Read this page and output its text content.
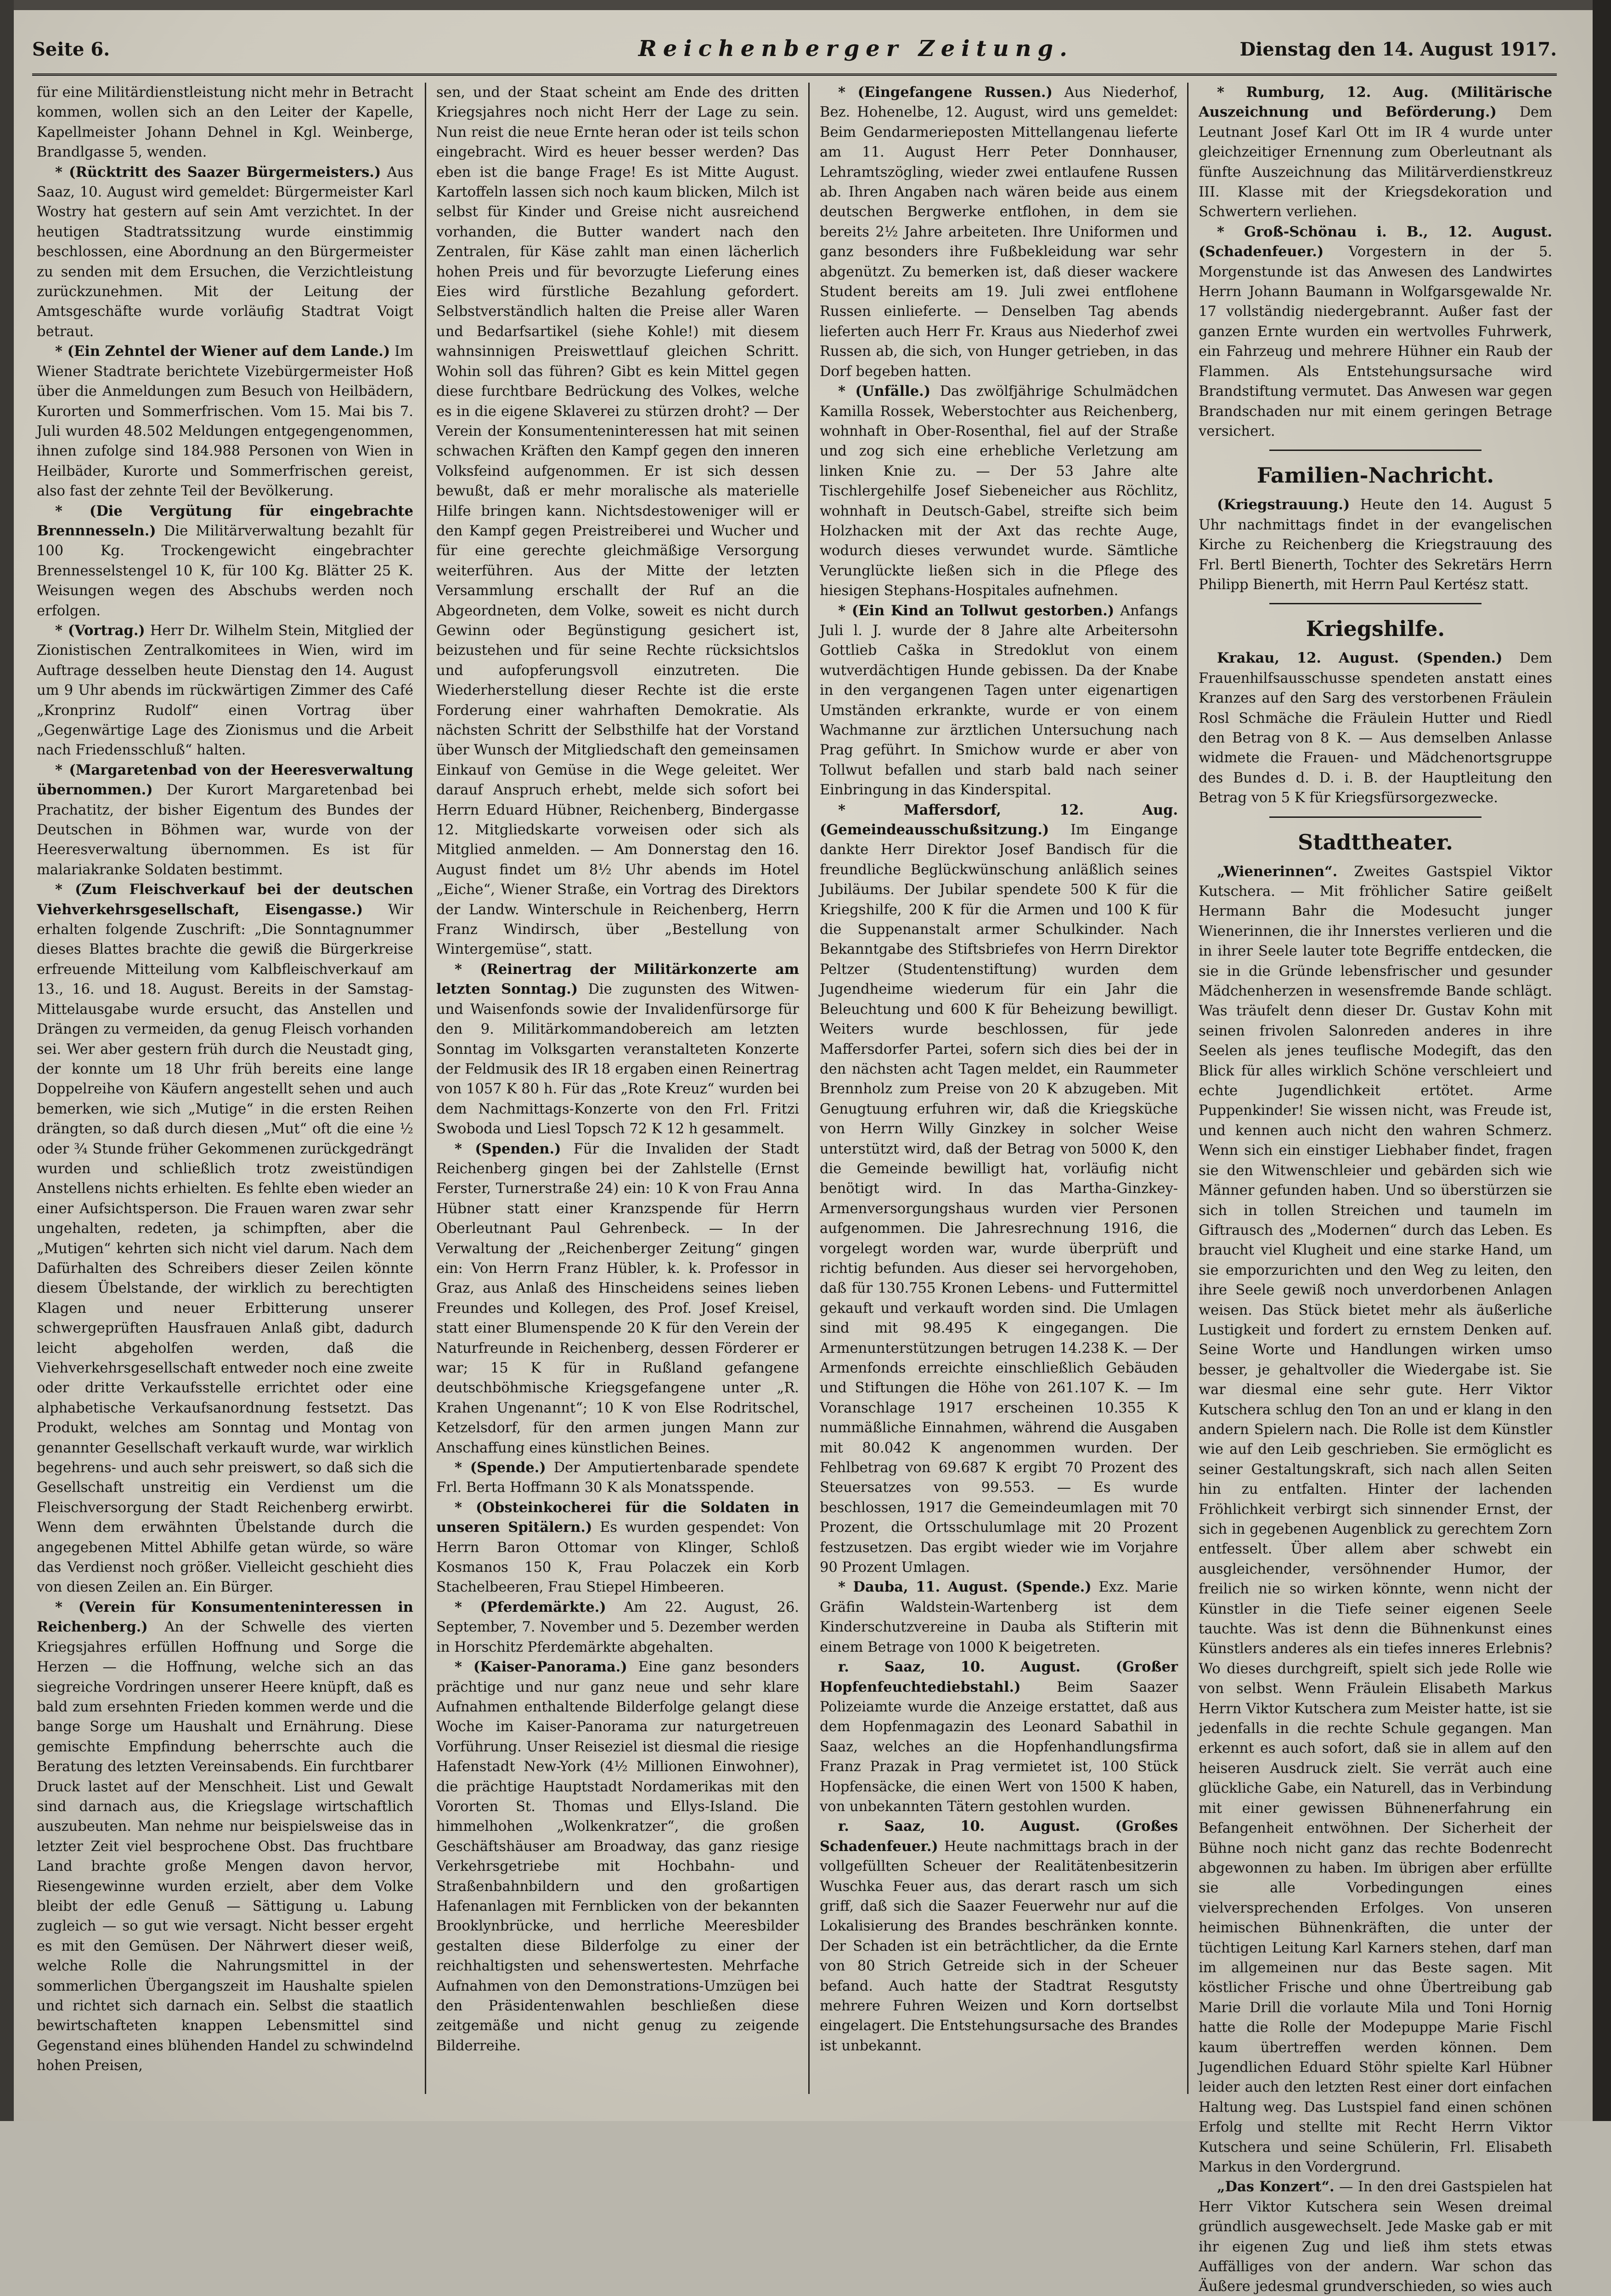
Seite 6.	Reichenberger Zeitung.	Dienstag den 14. August 1917.

für eine Militärdienstleistung nicht mehr in Betracht kommen, wollen sich an den Leiter der Kapelle, Kapellmeister Johann Dehnel in Kgl. Weinberge, Brandlgasse 5, wenden.

* (Rücktritt des Saazer Bürgermeisters.) Aus Saaz, 10. August wird gemeldet: Bürgermeister Karl Wostry hat gestern auf sein Amt verzichtet. In der heutigen Stadtratssitzung wurde einstimmig beschlossen, eine Abordnung an den Bürgermeister zu senden mit dem Ersuchen, die Verzichtleistung zurückzunehmen. Mit der Leitung der Amtsgeschäfte wurde vorläufig Stadtrat Voigt betraut.

* (Ein Zehntel der Wiener auf dem Lande.) Im Wiener Stadtrate berichtete Vizebürgermeister Hoß über die Anmeldungen zum Besuch von Heilbädern, Kurorten und Sommerfrischen. Vom 15. Mai bis 7. Juli wurden 48.502 Meldungen entgegengenommen, ihnen zufolge sind 184.988 Personen von Wien in Heilbäder, Kurorte und Sommerfrischen gereist, also fast der zehnte Teil der Bevölkerung.

* (Die Vergütung für eingebrachte Brennnesseln.) Die Militärverwaltung bezahlt für 100 Kg. Trockengewicht eingebrachter Brennesselstengel 10 K, für 100 Kg. Blätter 25 K. Weisungen wegen des Abschubs werden noch erfolgen.

* (Vortrag.) Herr Dr. Wilhelm Stein, Mitglied der Zionistischen Zentralkomitees in Wien, wird im Auftrage desselben heute Dienstag den 14. August um 9 Uhr abends im rückwärtigen Zimmer des Café „Kronprinz Rudolf“ einen Vortrag über „Gegenwärtige Lage des Zionismus und die Arbeit nach Friedensschluß“ halten.

* (Margaretenbad von der Heeresverwaltung übernommen.) Der Kurort Margaretenbad bei Prachatitz, der bisher Eigentum des Bundes der Deutschen in Böhmen war, wurde von der Heeresverwaltung übernommen. Es ist für malariakranke Soldaten bestimmt.

* (Zum Fleischverkauf bei der deutschen Viehverkehrsgesellschaft, Eisengasse.) Wir erhalten folgende Zuschrift: „Die Sonntagnummer dieses Blattes brachte die gewiß die Bürgerkreise erfreuende Mitteilung vom Kalbfleischverkauf am 13., 16. und 18. August. Bereits in der Samstag-Mittelausgabe wurde ersucht, das Anstellen und Drängen zu vermeiden, da genug Fleisch vorhanden sei. Wer aber gestern früh durch die Neustadt ging, der konnte um 18 Uhr früh bereits eine lange Doppelreihe von Käufern angestellt sehen und auch bemerken, wie sich „Mutige“ in die ersten Reihen drängten, so daß durch diesen „Mut“ oft die eine ½ oder ¾ Stunde früher Gekommenen zurückgedrängt wurden und schließlich trotz zweistündigen Anstellens nichts erhielten. Es fehlte eben wieder an einer Aufsichtsperson. Die Frauen waren zwar sehr ungehalten, redeten, ja schimpften, aber die „Mutigen“ kehrten sich nicht viel darum. Nach dem Dafürhalten des Schreibers dieser Zeilen könnte diesem Übelstande, der wirklich zu berechtigten Klagen und neuer Erbitterung unserer schwergeprüften Hausfrauen Anlaß gibt, dadurch leicht abgeholfen werden, daß die Viehverkehrsgesellschaft entweder noch eine zweite oder dritte Verkaufsstelle errichtet oder eine alphabetische Verkaufsanordnung festsetzt. Das Produkt, welches am Sonntag und Montag von genannter Gesellschaft verkauft wurde, war wirklich begehrens- und auch sehr preiswert, so daß sich die Gesellschaft unstreitig ein Verdienst um die Fleischversorgung der Stadt Reichenberg erwirbt. Wenn dem erwähnten Übelstande durch die angegebenen Mittel Abhilfe getan würde, so wäre das Verdienst noch größer. Vielleicht geschieht dies von diesen Zeilen an. Ein Bürger.

* (Verein für Konsumenteninteressen in Reichenberg.) An der Schwelle des vierten Kriegsjahres erfüllen Hoffnung und Sorge die Herzen — die Hoffnung, welche sich an das siegreiche Vordringen unserer Heere knüpft, daß es bald zum ersehnten Frieden kommen werde und die bange Sorge um Haushalt und Ernährung. Diese gemischte Empfindung beherrschte auch die Beratung des letzten Vereinsabends. Ein furchtbarer Druck lastet auf der Menschheit. List und Gewalt sind darnach aus, die Kriegslage wirtschaftlich auszubeuten. Man nehme nur beispielsweise das in letzter Zeit viel besprochene Obst. Das fruchtbare Land brachte große Mengen davon hervor, Riesengewinne wurden erzielt, aber dem Volke bleibt der edle Genuß — Sättigung u. Labung zugleich — so gut wie versagt. Nicht besser ergeht es mit den Gemüsen. Der Nährwert dieser weiß, welche Rolle die Nahrungsmittel in der sommerlichen Übergangszeit im Haushalte spielen und richtet sich darnach ein. Selbst die staatlich bewirtschafteten knappen Lebensmittel sind Gegenstand eines blühenden Handel zu schwindelnd hohen Preisen,

sen, und der Staat scheint am Ende des dritten Kriegsjahres noch nicht Herr der Lage zu sein. Nun reist die neue Ernte heran oder ist teils schon eingebracht. Wird es heuer besser werden? Das eben ist die bange Frage! Es ist Mitte August. Kartoffeln lassen sich noch kaum blicken, Milch ist selbst für Kinder und Greise nicht ausreichend vorhanden, die Butter wandert nach den Zentralen, für Käse zahlt man einen lächerlich hohen Preis und für bevorzugte Lieferung eines Eies wird fürstliche Bezahlung gefordert. Selbstverständlich halten die Preise aller Waren und Bedarfsartikel (siehe Kohle!) mit diesem wahnsinnigen Preiswettlauf gleichen Schritt. Wohin soll das führen? Gibt es kein Mittel gegen diese furchtbare Bedrückung des Volkes, welche es in die eigene Sklaverei zu stürzen droht? — Der Verein der Konsumenteninteressen hat mit seinen schwachen Kräften den Kampf gegen den inneren Volksfeind aufgenommen. Er ist sich dessen bewußt, daß er mehr moralische als materielle Hilfe bringen kann. Nichtsdestoweniger will er den Kampf gegen Preistreiberei und Wucher und für eine gerechte gleichmäßige Versorgung weiterführen. Aus der Mitte der letzten Versammlung erschallt der Ruf an die Abgeordneten, dem Volke, soweit es nicht durch Gewinn oder Begünstigung gesichert ist, beizustehen und für seine Rechte rücksichtslos und aufopferungsvoll einzutreten. Die Wiederherstellung dieser Rechte ist die erste Forderung einer wahrhaften Demokratie. Als nächsten Schritt der Selbsthilfe hat der Vorstand über Wunsch der Mitgliedschaft den gemeinsamen Einkauf von Gemüse in die Wege geleitet. Wer darauf Anspruch erhebt, melde sich sofort bei Herrn Eduard Hübner, Reichenberg, Bindergasse 12. Mitgliedskarte vorweisen oder sich als Mitglied anmelden. — Am Donnerstag den 16. August findet um 8½ Uhr abends im Hotel „Eiche“, Wiener Straße, ein Vortrag des Direktors der Landw. Winterschule in Reichenberg, Herrn Franz Windirsch, über „Bestellung von Wintergemüse“, statt.

* (Reinertrag der Militärkonzerte am letzten Sonntag.) Die zugunsten des Witwen- und Waisenfonds sowie der Invalidenfürsorge für den 9. Militärkommandobereich am letzten Sonntag im Volksgarten veranstalteten Konzerte der Feldmusik des IR 18 ergaben einen Reinertrag von 1057 K 80 h. Für das „Rote Kreuz“ wurden bei dem Nachmittags-Konzerte von den Frl. Fritzi Swoboda und Liesl Topsch 72 K 12 h gesammelt.

* (Spenden.) Für die Invaliden der Stadt Reichenberg gingen bei der Zahlstelle (Ernst Ferster, Turnerstraße 24) ein: 10 K von Frau Anna Hübner statt einer Kranzspende für Herrn Oberleutnant Paul Gehrenbeck. — In der Verwaltung der „Reichenberger Zeitung“ gingen ein: Von Herrn Franz Hübler, k. k. Professor in Graz, aus Anlaß des Hinscheidens seines lieben Freundes und Kollegen, des Prof. Josef Kreisel, statt einer Blumenspende 20 K für den Verein der Naturfreunde in Reichenberg, dessen Förderer er war; 15 K für in Rußland gefangene deutschböhmische Kriegsgefangene unter „R. Krahen Ungenannt“; 10 K von Else Rodritschel, Ketzelsdorf, für den armen jungen Mann zur Anschaffung eines künstlichen Beines.

* (Spende.) Der Amputiertenbarade spendete Frl. Berta Hoffmann 30 K als Monatsspende.

* (Obsteinkocherei für die Soldaten in unseren Spitälern.) Es wurden gespendet: Von Herrn Baron Ottomar von Klinger, Schloß Kosmanos 150 K, Frau Polaczek ein Korb Stachelbeeren, Frau Stiepel Himbeeren.

* (Pferdemärkte.) Am 22. August, 26. September, 7. November und 5. Dezember werden in Horschitz Pferdemärkte abgehalten.

* (Kaiser-Panorama.) Eine ganz besonders prächtige und nur ganz neue und sehr klare Aufnahmen enthaltende Bilderfolge gelangt diese Woche im Kaiser-Panorama zur naturgetreuen Vorführung. Unser Reiseziel ist diesmal die riesige Hafenstadt New-York (4½ Millionen Einwohner), die prächtige Hauptstadt Nordamerikas mit den Vororten St. Thomas und Ellys-Island. Die himmelhohen „Wolkenkratzer“, die großen Geschäftshäuser am Broadway, das ganz riesige Verkehrsgetriebe mit Hochbahn- und Straßenbahnbildern und den großartigen Hafenanlagen mit Fernblicken von der bekannten Brooklynbrücke, und herrliche Meeresbilder gestalten diese Bilderfolge zu einer der reichhaltigsten und sehenswertesten. Mehrfache Aufnahmen von den Demonstrations-Umzügen bei den Präsidentenwahlen beschließen diese zeitgemäße und nicht genug zu zeigende Bilderreihe.

* (Eingefangene Russen.) Aus Niederhof, Bez. Hohenelbe, 12. August, wird uns gemeldet: Beim Gendarmerieposten Mittellangenau lieferte am 11. August Herr Peter Donnhauser, Lehramtszögling, wieder zwei entlaufene Russen ab. Ihren Angaben nach wären beide aus einem deutschen Bergwerke entflohen, in dem sie bereits 2½ Jahre arbeiteten. Ihre Uniformen und ganz besonders ihre Fußbekleidung war sehr abgenützt. Zu bemerken ist, daß dieser wackere Student bereits am 19. Juli zwei entflohene Russen einlieferte. — Denselben Tag abends lieferten auch Herr Fr. Kraus aus Niederhof zwei Russen ab, die sich, von Hunger getrieben, in das Dorf begeben hatten.

* (Unfälle.) Das zwölfjährige Schulmädchen Kamilla Rossek, Weberstochter aus Reichenberg, wohnhaft in Ober-Rosenthal, fiel auf der Straße und zog sich eine erhebliche Verletzung am linken Knie zu. — Der 53 Jahre alte Tischlergehilfe Josef Siebeneicher aus Röchlitz, wohnhaft in Deutsch-Gabel, streifte sich beim Holzhacken mit der Axt das rechte Auge, wodurch dieses verwundet wurde. Sämtliche Verunglückte ließen sich in die Pflege des hiesigen Stephans-Hospitales aufnehmen.

* (Ein Kind an Tollwut gestorben.) Anfangs Juli l. J. wurde der 8 Jahre alte Arbeitersohn Gottlieb Caška in Stredoklut von einem wutverdächtigen Hunde gebissen. Da der Knabe in den vergangenen Tagen unter eigenartigen Umständen erkrankte, wurde er von einem Wachmanne zur ärztlichen Untersuchung nach Prag geführt. In Smichow wurde er aber von Tollwut befallen und starb bald nach seiner Einbringung in das Kinderspital.

* Maffersdorf, 12. Aug. (Gemeindeausschußsitzung.) Im Eingange dankte Herr Direktor Josef Bandisch für die freundliche Beglückwünschung anläßlich seines Jubiläums. Der Jubilar spendete 500 K für die Kriegshilfe, 200 K für die Armen und 100 K für die Suppenanstalt armer Schulkinder. Nach Bekanntgabe des Stiftsbriefes von Herrn Direktor Peltzer (Studentenstiftung) wurden dem Jugendheime wiederum für ein Jahr die Beleuchtung und 600 K für Beheizung bewilligt. Weiters wurde beschlossen, für jede Maffersdorfer Partei, sofern sich dies bei der in den nächsten acht Tagen meldet, ein Raummeter Brennholz zum Preise von 20 K abzugeben. Mit Genugtuung erfuhren wir, daß die Kriegsküche von Herrn Willy Ginzkey in solcher Weise unterstützt wird, daß der Betrag von 5000 K, den die Gemeinde bewilligt hat, vorläufig nicht benötigt wird. In das Martha-Ginzkey-Armenversorgungshaus wurden vier Personen aufgenommen. Die Jahresrechnung 1916, die vorgelegt worden war, wurde überprüft und richtig befunden. Aus dieser sei hervorgehoben, daß für 130.755 Kronen Lebens- und Futtermittel gekauft und verkauft worden sind. Die Umlagen sind mit 98.495 K eingegangen. Die Armenunterstützungen betrugen 14.238 K. — Der Armenfonds erreichte einschließlich Gebäuden und Stiftungen die Höhe von 261.107 K. — Im Voranschlage 1917 erscheinen 10.355 K nummäßliche Einnahmen, während die Ausgaben mit 80.042 K angenommen wurden. Der Fehlbetrag von 69.687 K ergibt 70 Prozent des Steuersatzes von 99.553. — Es wurde beschlossen, 1917 die Gemeindeumlagen mit 70 Prozent, die Ortsschulumlage mit 20 Prozent festzusetzen. Das ergibt wieder wie im Vorjahre 90 Prozent Umlagen.

* Dauba, 11. August. (Spende.) Exz. Marie Gräfin Waldstein-Wartenberg ist dem Kinderschutzvereine in Dauba als Stifterin mit einem Betrage von 1000 K beigetreten.

r. Saaz, 10. August. (Großer Hopfenfeuchtediebstahl.)	Beim Saazer Polizeiamte wurde die Anzeige erstattet, daß aus dem Hopfenmagazin des Leonard Sabathil in Saaz, welches an die Hopfenhandlungsfirma Franz Prazak in Prag vermietet ist, 100 Stück Hopfensäcke, die einen Wert von 1500 K haben, von unbekannten Tätern gestohlen wurden.

r. Saaz, 10. August. (Großes Schadenfeuer.) Heute nachmittags brach in der vollgefüllten Scheuer der Realitätenbesitzerin Wuschka Feuer aus, das derart rasch um sich griff, daß sich die Saazer Feuerwehr nur auf die Lokalisierung des Brandes beschränken konnte. Der Schaden ist ein beträchtlicher, da die Ernte von 80 Strich Getreide sich in der Scheuer befand. Auch hatte der Stadtrat Resgutsty mehrere Fuhren Weizen und Korn dortselbst eingelagert. Die Entstehungsursache des Brandes ist unbekannt.

* Rumburg, 12. Aug. (Militärische Auszeichnung und Beförderung.) Dem Leutnant Josef Karl Ott im IR 4 wurde unter gleichzeitiger Ernennung zum Oberleutnant als fünfte Auszeichnung das Militärverdienstkreuz III. Klasse mit der Kriegsdekoration und Schwertern verliehen.

* Groß-Schönau i. B., 12. August. (Schadenfeuer.) Vorgestern in der 5. Morgenstunde ist das Anwesen des Landwirtes Herrn Johann Baumann in Wolfgarsgewalde Nr. 17 vollständig niedergebrannt. Außer fast der ganzen Ernte wurden ein wertvolles Fuhrwerk, ein Fahrzeug und mehrere Hühner ein Raub der Flammen. Als Entstehungsursache wird Brandstiftung vermutet. Das Anwesen war gegen Brandschaden nur mit einem geringen Betrage versichert.

Familien-Nachricht.

(Kriegstrauung.) Heute den 14. August 5 Uhr nachmittags findet in der evangelischen Kirche zu Reichenberg die Kriegstrauung des Frl. Bertl Bienerth, Tochter des Sekretärs Herrn Philipp Bienerth, mit Herrn Paul Kertész statt.

Kriegshilfe.

Krakau, 12. August. (Spenden.) Dem Frauenhilfsausschusse spendeten anstatt eines Kranzes auf den Sarg des verstorbenen Fräulein Rosl Schmäche die Fräulein Hutter und Riedl den Betrag von 8 K. — Aus demselben Anlasse widmete die Frauen- und Mädchenortsgruppe des Bundes d. D. i. B. der Hauptleitung den Betrag von 5 K für Kriegsfürsorgezwecke.

Stadttheater.

„Wienerinnen“. Zweites Gastspiel Viktor Kutschera. — Mit fröhlicher Satire geißelt Hermann Bahr die Modesucht junger Wienerinnen, die ihr Innerstes verlieren und die in ihrer Seele lauter tote Begriffe entdecken, die sie in die Gründe lebensfrischer und gesunder Mädchenherzen in wesensfremde Bande schlägt. Was träufelt denn dieser Dr. Gustav Kohn mit seinen frivolen Salonreden anderes in ihre Seelen als jenes teuflische Modegift, das den Blick für alles wirklich Schöne verschleiert und echte Jugendlichkeit ertötet. Arme Puppenkinder! Sie wissen nicht, was Freude ist, und kennen auch nicht den wahren Schmerz. Wenn sich ein einstiger Liebhaber findet, fragen sie den Witwenschleier und gebärden sich wie Männer gefunden haben. Und so überstürzen sie sich in tollen Streichen und taumeln im Giftrausch des „Modernen“ durch das Leben. Es braucht viel Klugheit und eine starke Hand, um sie emporzurichten und den Weg zu leiten, den ihre Seele gewiß noch unverdorbenen Anlagen weisen. Das Stück bietet mehr als äußerliche Lustigkeit und fordert zu ernstem Denken auf. Seine Worte und Handlungen wirken umso besser, je gehaltvoller die Wiedergabe ist. Sie war diesmal eine sehr gute. Herr Viktor Kutschera schlug den Ton an und er klang in den andern Spielern nach. Die Rolle ist dem Künstler wie auf den Leib geschrieben. Sie ermöglicht es seiner Gestaltungskraft, sich nach allen Seiten hin zu entfalten. Hinter der lachenden Fröhlichkeit verbirgt sich sinnender Ernst, der sich in gegebenen Augenblick zu gerechtem Zorn entfesselt. Über allem aber schwebt ein ausgleichender, versöhnender Humor, der freilich nie so wirken könnte, wenn nicht der Künstler in die Tiefe seiner eigenen Seele tauchte. Was ist denn die Bühnenkunst eines Künstlers anderes als ein tiefes inneres Erlebnis? Wo dieses durchgreift, spielt sich jede Rolle wie von selbst. Wenn Fräulein Elisabeth Markus Herrn Viktor Kutschera zum Meister hatte, ist sie jedenfalls in die rechte Schule gegangen. Man erkennt es auch sofort, daß sie in allem auf den heiseren Ausdruck zielt. Sie verrät auch eine glückliche Gabe, ein Naturell, das in Verbindung mit einer gewissen Bühnenerfahrung ein Befangenheit entwöhnen. Der Sicherheit der Bühne noch nicht ganz das rechte Bodenrecht abgewonnen zu haben. Im übrigen aber erfüllte sie alle Vorbedingungen eines vielversprechenden Erfolges. Von unseren heimischen Bühnenkräften, die unter der tüchtigen Leitung Karl Karners stehen, darf man im allgemeinen nur das Beste sagen. Mit köstlicher Frische und ohne Übertreibung gab Marie Drill die vorlaute Mila und Toni Hornig hatte die Rolle der Modepuppe Marie Fischl kaum übertreffen werden können. Dem Jugendlichen Eduard Stöhr spielte Karl Hübner leider auch den letzten Rest einer dort einfachen Haltung weg. Das Lustspiel fand einen schönen Erfolg und stellte mit Recht Herrn Viktor Kutschera und seine Schülerin, Frl. Elisabeth Markus in den Vordergrund.

„Das Konzert“. — In den drei Gastspielen hat Herr Viktor Kutschera sein Wesen dreimal gründlich ausgewechselt. Jede Maske gab er mit ihr eigenen Zug und ließ ihm stets etwas Auffälliges von der andern. War schon das Äußere jedesmal grundverschieden, so wies auch
